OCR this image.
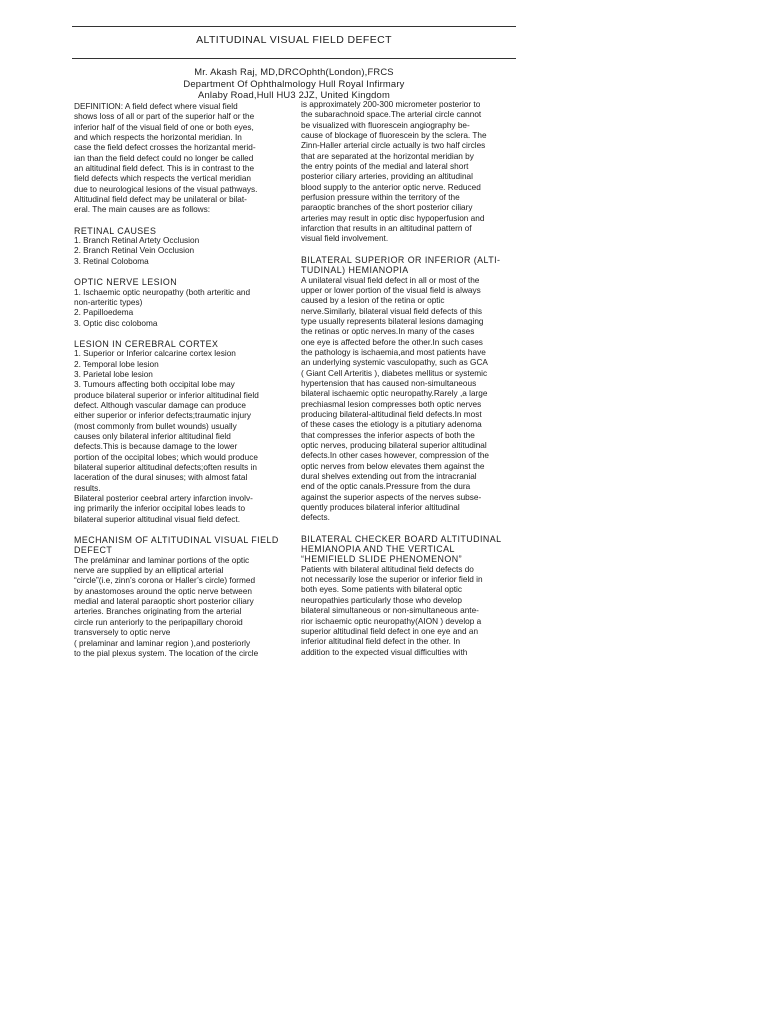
ALTITUDINAL VISUAL FIELD DEFECT
Mr. Akash Raj, MD,DRCOphth(London),FRCS
Department Of Ophthalmology Hull Royal Infirmary
Anlaby Road,Hull HU3 2JZ, United Kingdom

DEFINITION: A field defect where visual field
shows loss of all or part of the superior half or the
inferior half of the visual field of one or both eyes,
and which respects the horizontal meridian. In
case the field defect crosses the horizantal merid-
ian than the field defect could no longer be called
an altitudinal field defect. This is in contrast to the
field defects which respects the vertical meridian
due to neurological lesions of the visual pathways.
Altitudinal field defect may be unilateral or bilat-
eral. The main causes are as follows:

RETINAL CAUSES
1. Branch Retinal Artety Occlusion
2. Branch Retinal Vein Occlusion
3. Retinal Coloboma
OPTIC NERVE LESION
1. Ischaemic optic neuropathy (both arteritic and
non-arteritic types)
2. Papilloedema
3. Optic disc coloboma
LESION IN CEREBRAL CORTEX
1. Superior or Inferior calcarine cortex lesion
2. Temporal lobe lesion
3. Parietal lobe lesion

3. Tumours affecting both occipital lobe may
produce bilateral superior or inferior altitudinal field
defect. Although vascular damage can produce
either superior or inferior defects;traumatic injury
(most commonly from bullet wounds) usually
causes only bilateral inferior altitudinal field
defects.This is because damage to the lower
portion of the occipital lobes; which would produce
bilateral superior altitudinal defects;often results in
laceration of the dural sinuses; with almost fatal
results.
Bilateral posterior ceebral artery infarction involv-
ing primarily the inferior occipital lobes leads to
bilateral superior altitudinal visual field defect.

MECHANISM OF ALTITUDINAL VISUAL FIELD
DEFECT

The preláminar and laminar portions of the optic
nerve are supplied by an elliptical arterial
“circle”(i.e, zinn’s corona or Haller’s circle) formed
by anastomoses around the optic nerve between
medial and lateral paraoptic short posterior ciliary
arteries. Branches originating from the arterial
circle run anteriorly to the peripapillary choroid
transversely to optic nerve
( prelaminar and laminar region ),and posteriorly
to the pial plexus system. The location of the circle

is approximately 200-300 micrometer posterior to
the subarachnoid space.The arterial circle cannot
be visualized with fluorescein angiography be-
cause of blockage of fluorescein by the sclera. The
Zinn-Haller arterial circle actually is two half circles
that are separated at the horizontal meridian by
the entry points of the medial and lateral short
posterior ciliary arteries, providing an altitudinal
blood supply to the anterior optic nerve. Reduced
perfusion pressure within the territory of the
paraoptic branches of the short posterior ciliary
arteries may result in optic disc hypoperfusion and
infarction that results in an altitudinal pattern of
visual field involvement.

BILATERAL SUPERIOR OR INFERIOR (ALTI-
TUDINAL) HEMIANOPIA

A unilateral visual field defect in all or most of the
upper or lower portion of the visual field is always
caused by a lesion of the retina or optic
nerve.Similarly, bilateral visual field defects of this
type usually represents bilateral lesions damaging
the retinas or optic nerves.In many of the cases
one eye is affected before the other.In such cases
the pathology is ischaemia,and most patients have
an underlying systemic vasculopathy, such as GCA
( Giant Cell Arteritis ), diabetes mellitus or systemic
hypertension that has caused non-simultaneous
bilateral ischaemic optic neuropathy.Rarely ,a large
prechiasmal lesion compresses both optic nerves
producing bilateral-altitudinal field defects.In most
of these cases the etiology is a pitutiary adenoma
that compresses the inferior aspects of both the
optic nerves, producing bilateral superior altitudinal
defects.In other cases however, compression of the
optic nerves from below elevates them against the
dural shelves extending out from the intracranial
end of the optic canals.Pressure from the dura
against the superior aspects of the nerves subse-
quently produces bilateral inferior altitudinal
defects.

BILATERAL CHECKER BOARD ALTITUDINAL
HEMIANOPIA AND THE VERTICAL
“HEMIFIELD SLIDE PHENOMENON”

Patients with bilateral altitudinal field defects do
not necessarily lose the superior or inferior field in
both eyes. Some patients with bilateral optic
neuropathies particularly those who develop
bilateral simultaneous or non-simultaneous ante-
rior ischaemic optic neuropathy(AION ) develop a
superior altitudinal field defect in one eye and an
inferior altitudinal field defect in the other. In
addition to the expected visual difficulties with
